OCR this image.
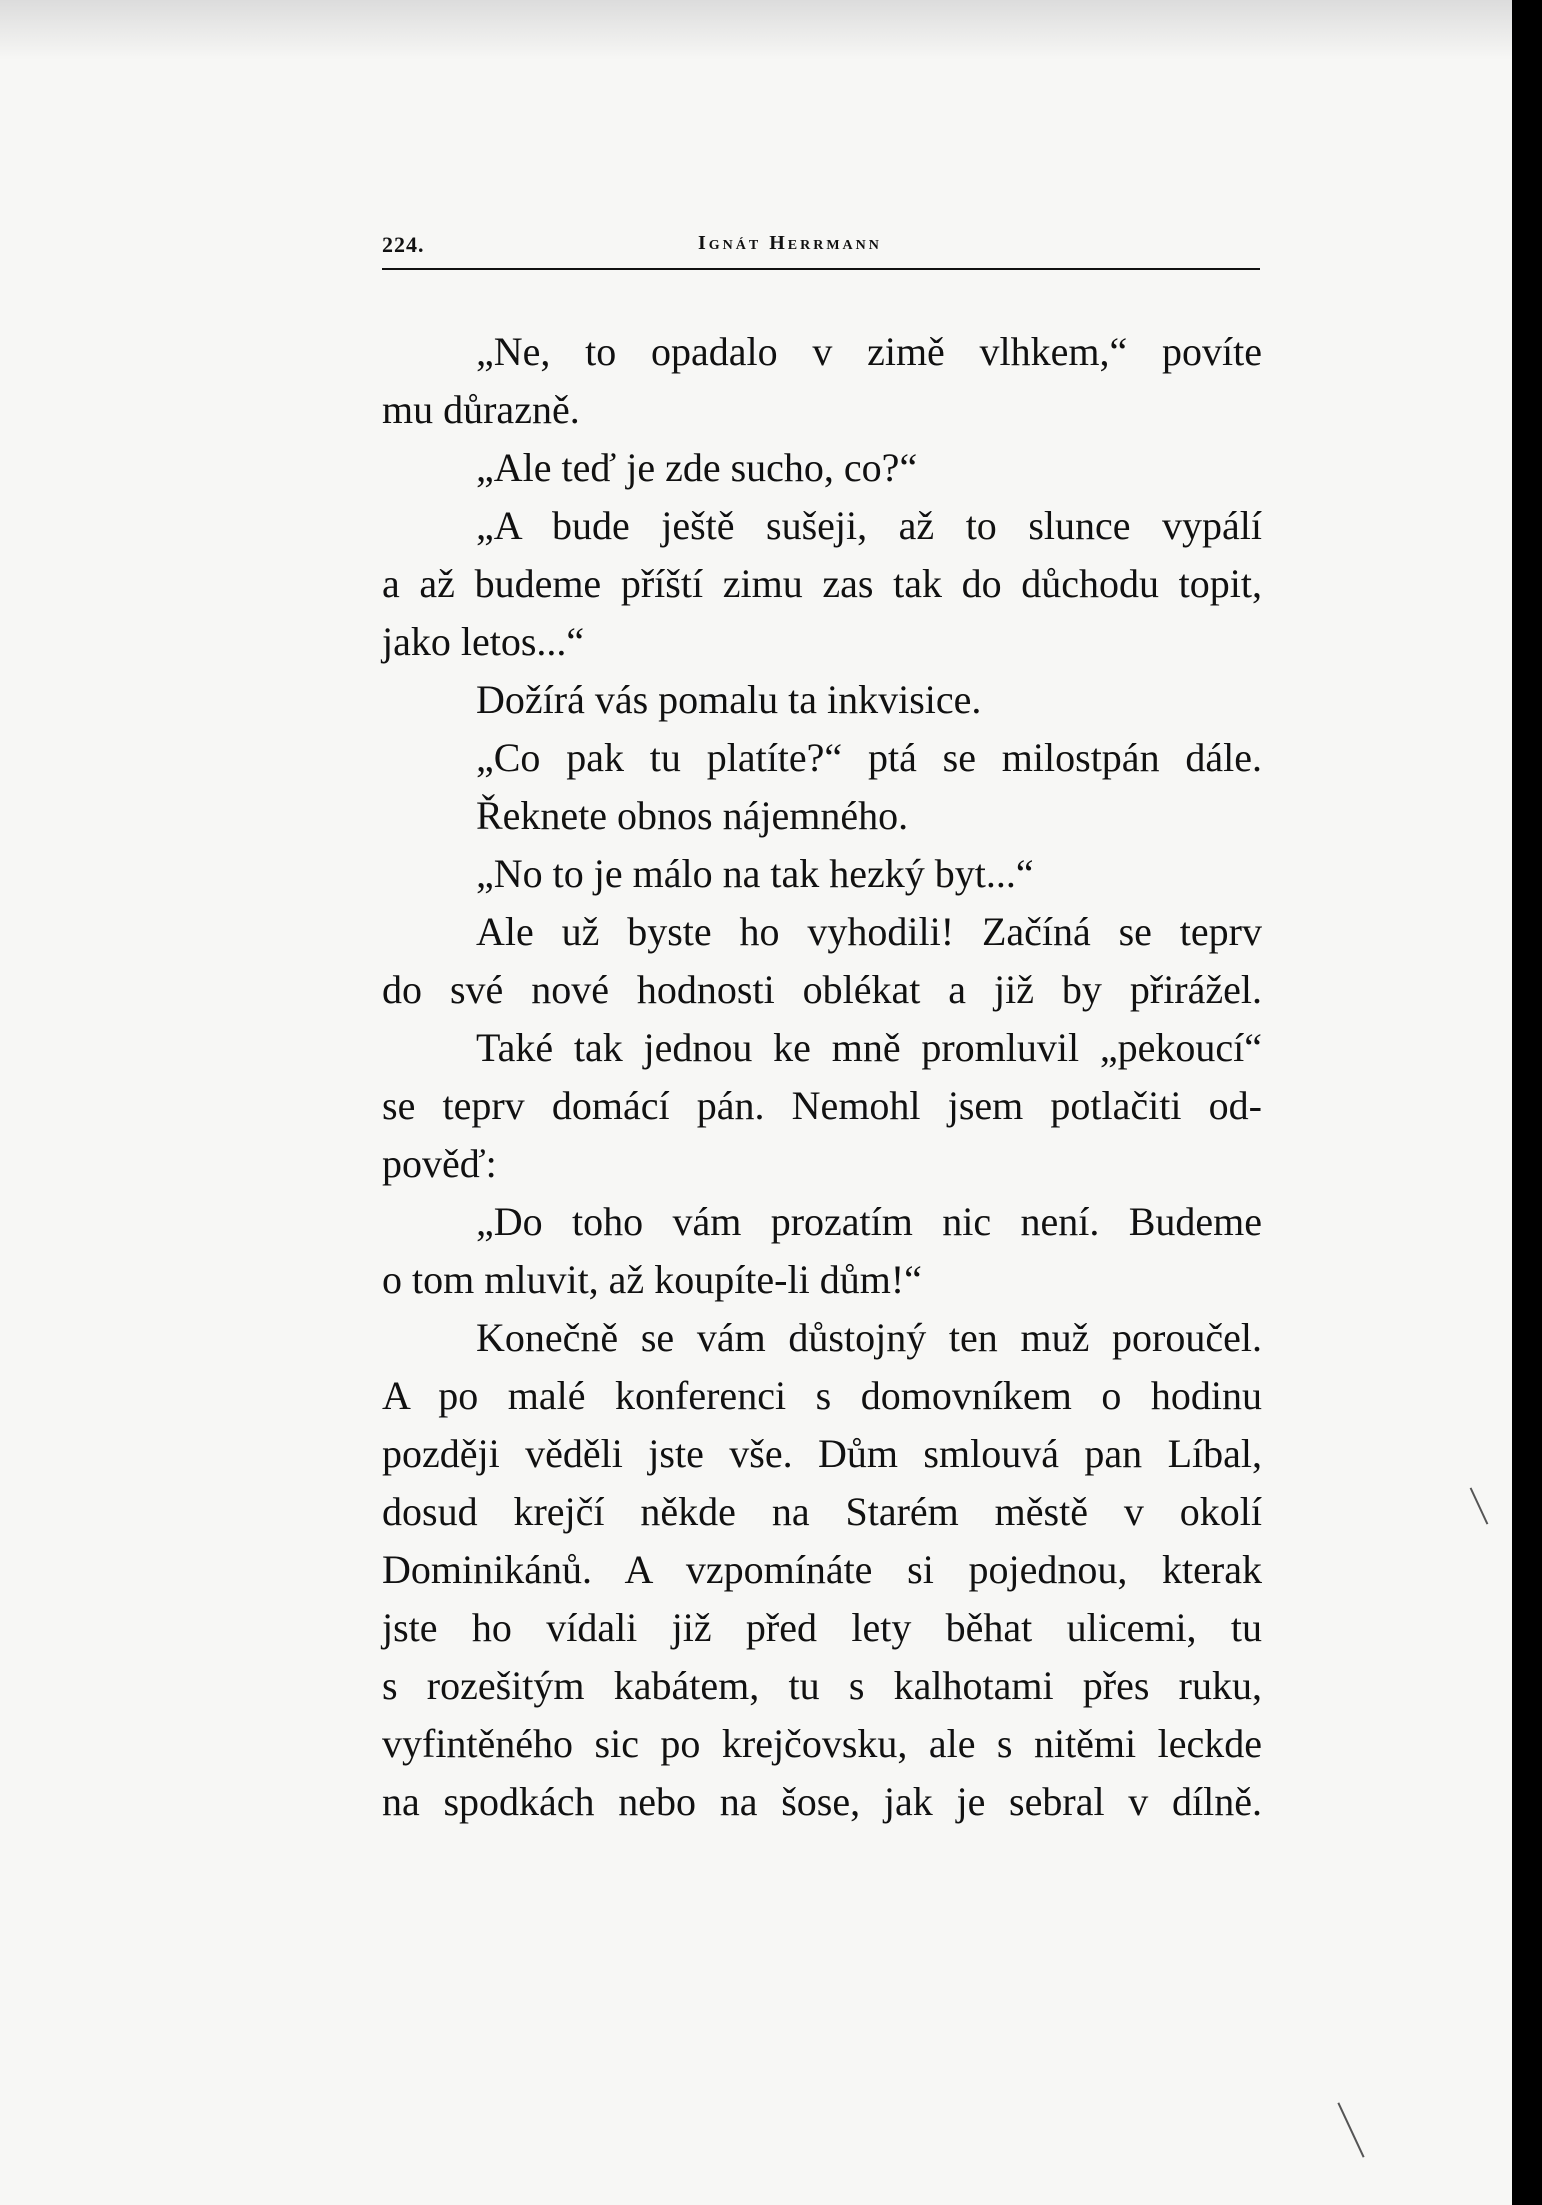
224.	Ignát Herrmann
„Ne, to opadalo v zimě vlhkem,“ povíte
mu důrazně.
„Ale teď je zde sucho, co?“
„A bude ještě sušeji, až to slunce vypálí
a až budeme příští zimu zas tak do důchodu topit,
jako letos...“
Dožírá vás pomalu ta inkvisice.
„Co pak tu platíte?“ ptá se milostpán dále.
Řeknete obnos nájemného.
„No to je málo na tak hezký byt...“
Ale už byste ho vyhodili! Začíná se teprv
do své nové hodnosti oblékat a již by přirážel.
Také tak jednou ke mně promluvil „pekoucí“
se teprv domácí pán. Nemohl jsem potlačiti od-
pověď:
„Do toho vám prozatím nic není. Budeme
o tom mluvit, až koupíte-li dům!“
Konečně se vám důstojný ten muž poroučel.
A po malé konferenci s domovníkem o hodinu
později věděli jste vše. Dům smlouvá pan Líbal,
dosud krejčí někde na Starém městě v okolí
Dominikánů. A vzpomínáte si pojednou, kterak
jste ho vídali již před lety běhat ulicemi, tu
s rozešitým kabátem, tu s kalhotami přes ruku,
vyfintěného sic po krejčovsku, ale s nitěmi leckde
na spodkách nebo na šose, jak je sebral v dílně.
